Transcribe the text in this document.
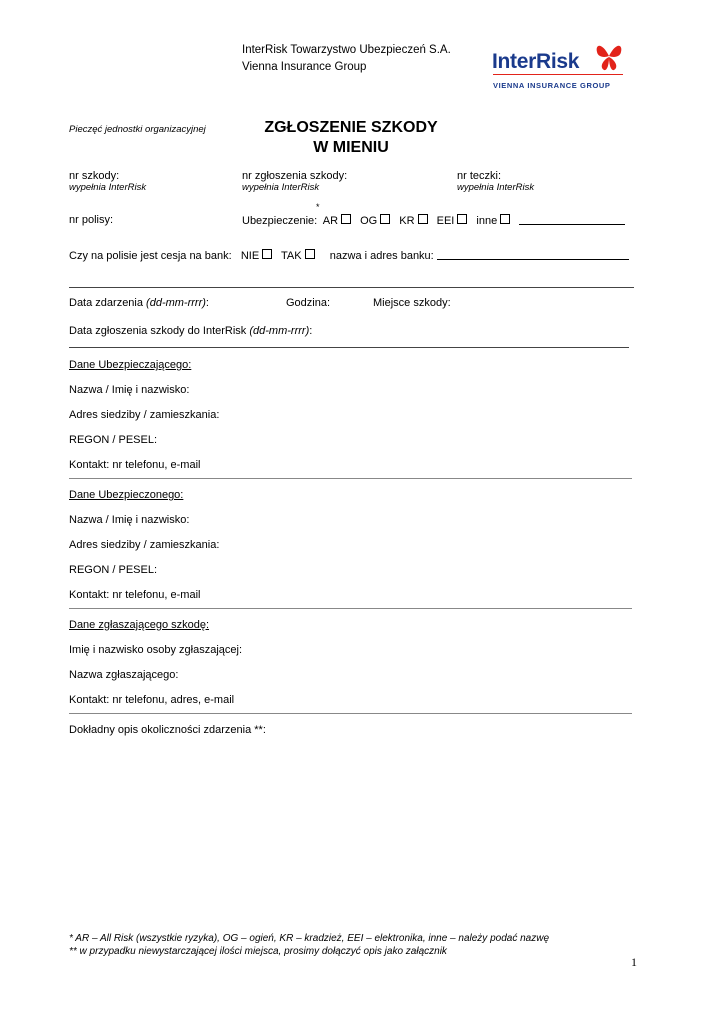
InterRisk Towarzystwo Ubezpieczeń S.A.
Vienna Insurance Group	InterRisk
VIENNA INSURANCE GROUP
Pieczęć jednostki organizacyjnej	ZGŁOSZENIE SZKODY
W MIENIU
nr szkody:
wypełnia InterRisk
nr zgłoszenia szkody:
wypełnia InterRisk
nr teczki:
wypełnia InterRisk
nr polisy:
*
Ubezpieczenie: AR OG KR EEI inne
Czy na polisie jest cesja na bank: NIE TAK	nazwa i adres banku:
Data zdarzenia (dd-mm-rrrr):	Godzina:	Miejsce szkody:
Data zgłoszenia szkody do InterRisk (dd-mm-rrrr):
Dane Ubezpieczającego:
Nazwa / Imię i nazwisko:
Adres siedziby / zamieszkania:
REGON / PESEL:
Kontakt: nr telefonu, e-mail
Dane Ubezpieczonego:
Nazwa / Imię i nazwisko:
Adres siedziby / zamieszkania:
REGON / PESEL:
Kontakt: nr telefonu, e-mail
Dane zgłaszającego szkodę:
Imię i nazwisko osoby zgłaszającej:
Nazwa zgłaszającego:
Kontakt: nr telefonu, adres, e-mail
Dokładny opis okoliczności zdarzenia **:
* AR – All Risk (wszystkie ryzyka), OG – ogień, KR – kradzież, EEI – elektronika, inne – należy podać nazwę
** w przypadku niewystarczającej ilości miejsca, prosimy dołączyć opis jako załącznik
1
